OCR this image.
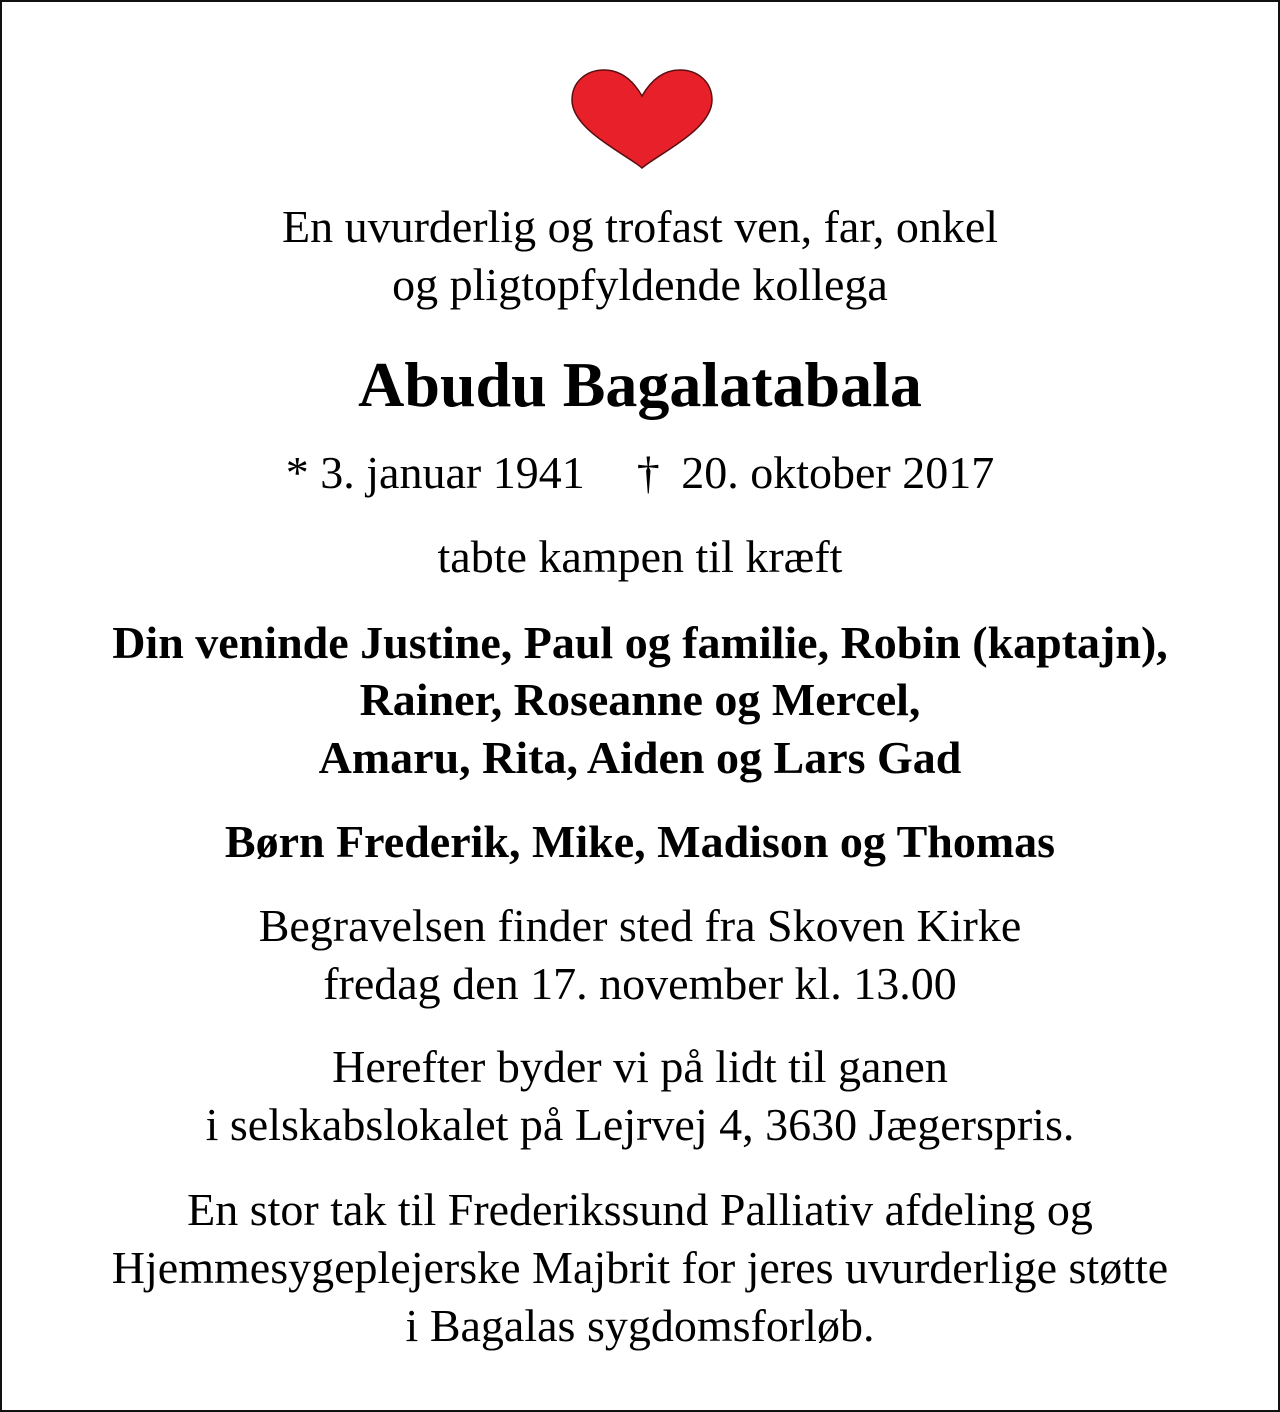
En uvurderlig og trofast ven, far, onkel
og pligtopfyldende kollega
Abudu Bagalatabala
* 3. januar 1941 † 20. oktober 2017
tabte kampen til kræft
Din veninde Justine, Paul og familie, Robin (kaptajn),
Rainer, Roseanne og Mercel,
Amaru, Rita, Aiden og Lars Gad
Børn Frederik, Mike, Madison og Thomas
Begravelsen finder sted fra Skoven Kirke
fredag den 17. november kl. 13.00
Herefter byder vi på lidt til ganen
i selskabslokalet på Lejrvej 4, 3630 Jægerspris.
En stor tak til Frederikssund Palliativ afdeling og
Hjemmesygeplejerske Majbrit for jeres uvurderlige støtte
i Bagalas sygdomsforløb.
